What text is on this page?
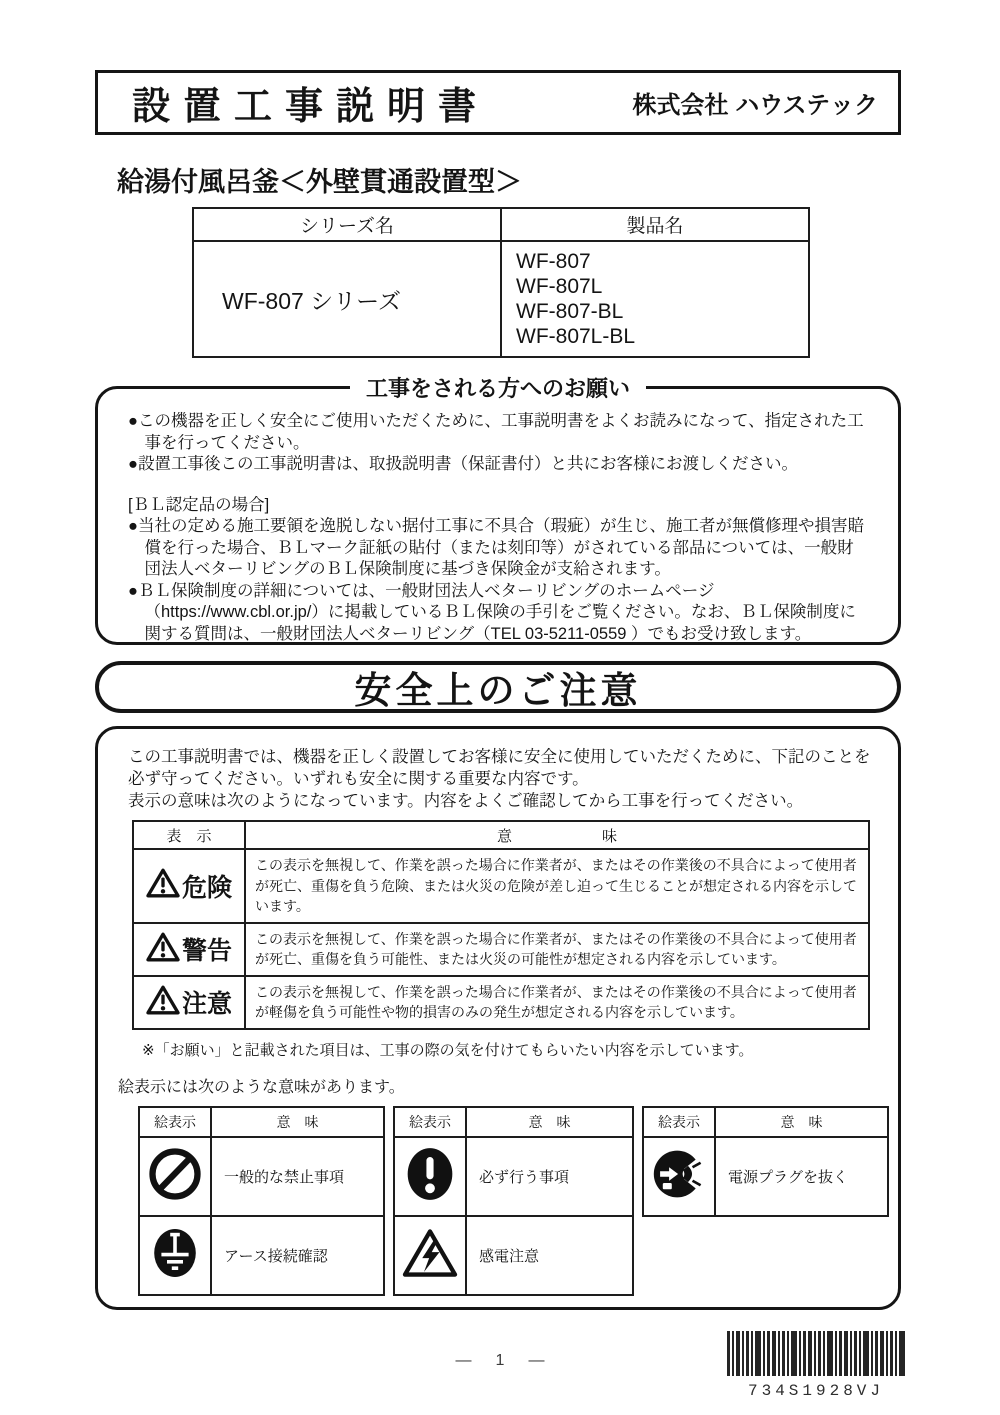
設置工事説明書	株式会社 ハウステック
給湯付風呂釜＜外壁貫通設置型＞
シリーズ名	製品名
WF-807 シリーズ	WF-807
WF-807L
WF-807-BL
WF-807L-BL
工事をされる方へのお願い
●この機器を正しく安全にご使用いただくために、工事説明書をよくお読みになって、指定された工事を行ってください。
●設置工事後この工事説明書は、取扱説明書（保証書付）と共にお客様にお渡しください。
[ＢＬ認定品の場合]
●当社の定める施工要領を逸脱しない据付工事に不具合（瑕疵）が生じ、施工者が無償修理や損害賠償を行った場合、ＢＬマーク証紙の貼付（または刻印等）がされている部品については、一般財団法人ベターリビングのＢＬ保険制度に基づき保険金が支給されます。
●ＢＬ保険制度の詳細については、一般財団法人ベターリビングのホームページ（https://www.cbl.or.jp/）に掲載しているＢＬ保険の手引をご覧ください。なお、ＢＬ保険制度に関する質問は、一般財団法人ベターリビング（TEL 03-5211-0559 ）でもお受け致します。
安全上のご注意

この工事説明書では、機器を正しく設置してお客様に安全に使用していただくために、下記のことを必ず守ってください。いずれも安全に関する重要な内容です。

表示の意味は次のようになっています。内容をよくご確認してから工事を行ってください。

表　示	意　　　　　　味

危険	この表示を無視して、作業を誤った場合に作業者が、またはその作業後の不具合によって使用者が死亡、重傷を負う危険、または火災の危険が差し迫って生じることが想定される内容を示しています。

警告	この表示を無視して、作業を誤った場合に作業者が、またはその作業後の不具合によって使用者が死亡、重傷を負う可能性、または火災の可能性が想定される内容を示しています。

注意	この表示を無視して、作業を誤った場合に作業者が、またはその作業後の不具合によって使用者が軽傷を負う可能性や物的損害のみの発生が想定される内容を示しています。
※「お願い」と記載された項目は、工事の際の気を付けてもらいたい内容を示しています。
絵表示には次のような意味があります。
絵表示	意　味
	一般的な禁止事項
	アース接続確認
絵表示	意　味
	必ず行う事項
	感電注意
絵表示	意　味
	電源プラグを抜く
734S1928VJ
― 1 ―
